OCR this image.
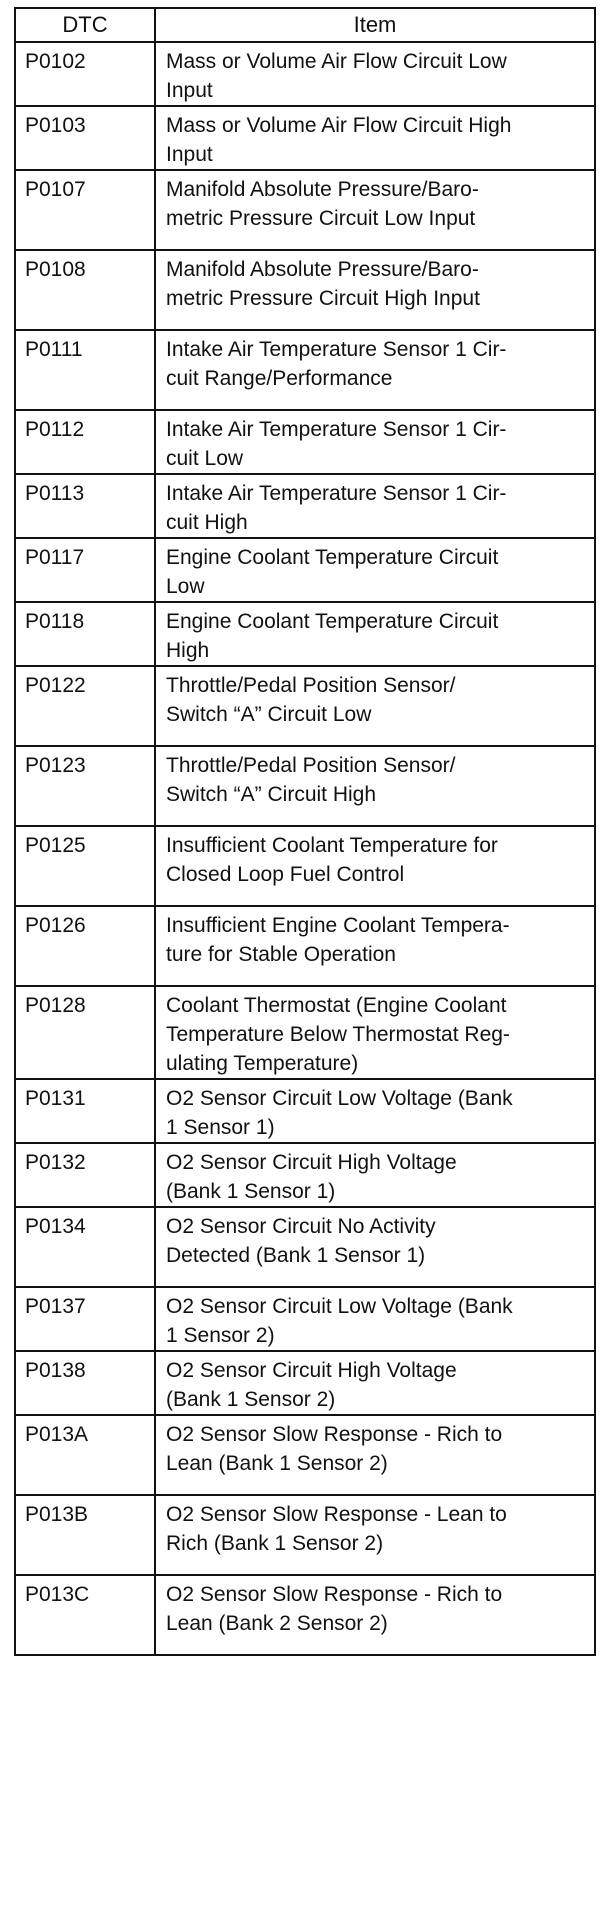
DTC	Item

P0102	Mass or Volume Air Flow Circuit Low
Input

P0103	Mass or Volume Air Flow Circuit High
Input

P0107	Manifold Absolute Pressure/Baro-
metric Pressure Circuit Low Input

P0108	Manifold Absolute Pressure/Baro-
metric Pressure Circuit High Input

P0111	Intake Air Temperature Sensor 1 Cir-
cuit Range/Performance

P0112	Intake Air Temperature Sensor 1 Cir-
cuit Low

P0113	Intake Air Temperature Sensor 1 Cir-
cuit High

P0117	Engine Coolant Temperature Circuit
Low

P0118	Engine Coolant Temperature Circuit
High

P0122	Throttle/Pedal Position Sensor/
Switch “A” Circuit Low

P0123	Throttle/Pedal Position Sensor/
Switch “A” Circuit High

P0125	Insufficient Coolant Temperature for
Closed Loop Fuel Control

P0126	Insufficient Engine Coolant Tempera-
ture for Stable Operation

P0128	Coolant Thermostat (Engine Coolant
Temperature Below Thermostat Reg-
ulating Temperature)

P0131	O2 Sensor Circuit Low Voltage (Bank
1 Sensor 1)

P0132	O2 Sensor Circuit High Voltage
(Bank 1 Sensor 1)

P0134	O2 Sensor Circuit No Activity
Detected (Bank 1 Sensor 1)

P0137	O2 Sensor Circuit Low Voltage (Bank
1 Sensor 2)

P0138	O2 Sensor Circuit High Voltage
(Bank 1 Sensor 2)

P013A	O2 Sensor Slow Response - Rich to
Lean (Bank 1 Sensor 2)

P013B	O2 Sensor Slow Response - Lean to
Rich (Bank 1 Sensor 2)

P013C	O2 Sensor Slow Response - Rich to
Lean (Bank 2 Sensor 2)
